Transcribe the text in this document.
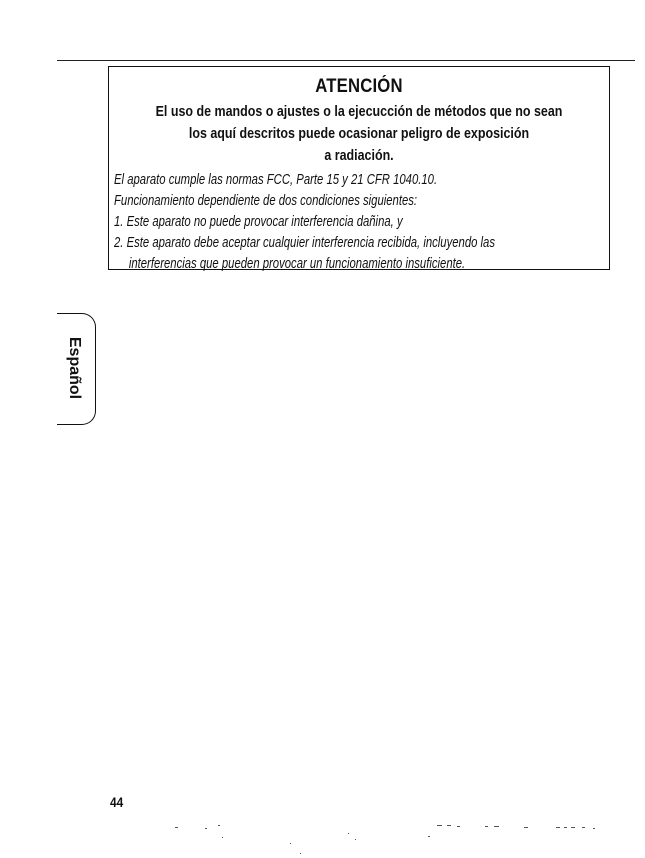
ATENCIÓN
El uso de mandos o ajustes o la ejecucción de métodos que no sean
los aquí descritos puede ocasionar peligro de exposición
a radiación.
El aparato cumple las normas FCC, Parte 15 y 21 CFR 1040.10.
Funcionamiento dependiente de dos condiciones siguientes:
1. Este aparato no puede provocar interferencia dañina, y
2. Este aparato debe aceptar cualquier interferencia recibida, incluyendo las
interferencias que pueden provocar un funcionamiento insuficiente.
Español
44
